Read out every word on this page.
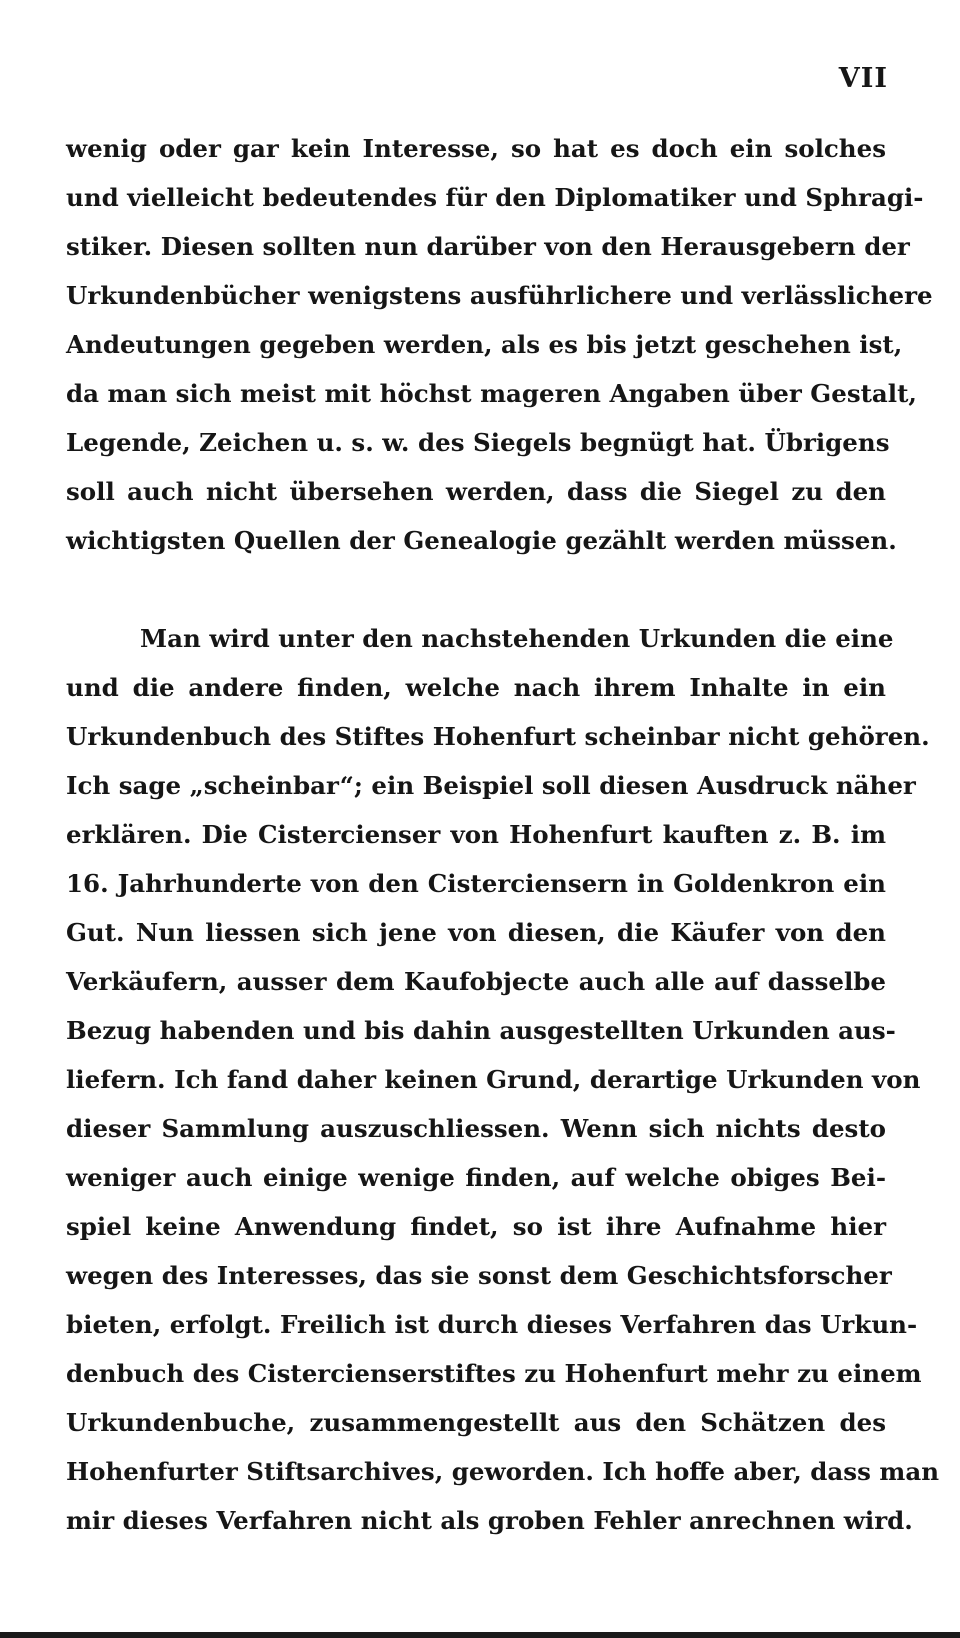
VII
wenig oder gar kein Interesse, so hat es doch ein solches
und vielleicht bedeutendes für den Diplomatiker und Sphragi-
stiker. Diesen sollten nun darüber von den Herausgebern der
Urkundenbücher wenigstens ausführlichere und verlässlichere
Andeutungen gegeben werden, als es bis jetzt geschehen ist,
da man sich meist mit höchst mageren Angaben über Gestalt,
Legende, Zeichen u. s. w. des Siegels begnügt hat. Übrigens
soll auch nicht übersehen werden, dass die Siegel zu den
wichtigsten Quellen der Genealogie gezählt werden müssen.
Man wird unter den nachstehenden Urkunden die eine
und die andere finden, welche nach ihrem Inhalte in ein
Urkundenbuch des Stiftes Hohenfurt scheinbar nicht gehören.
Ich sage „scheinbar“; ein Beispiel soll diesen Ausdruck näher
erklären. Die Cistercienser von Hohenfurt kauften z. B. im
16. Jahrhunderte von den Cisterciensern in Goldenkron ein
Gut. Nun liessen sich jene von diesen, die Käufer von den
Verkäufern, ausser dem Kaufobjecte auch alle auf dasselbe
Bezug habenden und bis dahin ausgestellten Urkunden aus-
liefern. Ich fand daher keinen Grund, derartige Urkunden von
dieser Sammlung auszuschliessen. Wenn sich nichts desto
weniger auch einige wenige finden, auf welche obiges Bei-
spiel keine Anwendung findet, so ist ihre Aufnahme hier
wegen des Interesses, das sie sonst dem Geschichtsforscher
bieten, erfolgt. Freilich ist durch dieses Verfahren das Urkun-
denbuch des Cistercienserstiftes zu Hohenfurt mehr zu einem
Urkundenbuche, zusammengestellt aus den Schätzen des
Hohenfurter Stiftsarchives, geworden. Ich hoffe aber, dass man
mir dieses Verfahren nicht als groben Fehler anrechnen wird.
